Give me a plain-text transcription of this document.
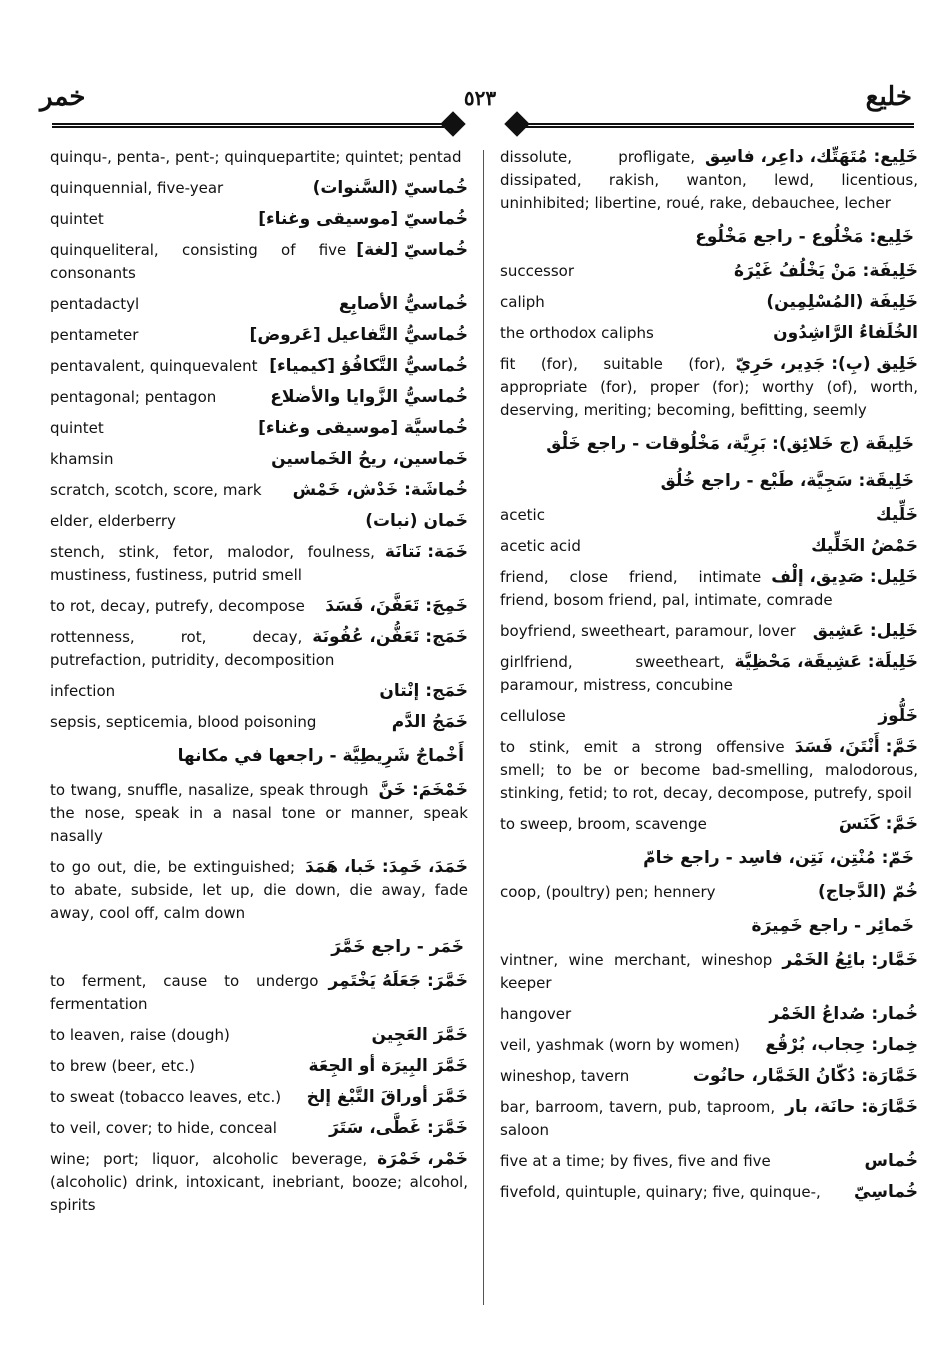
خمر	٥٢٣	خليع
quinqu-, penta-, pent-; quinquepartite; quintet; pentad
خُماسيّ (السَّنوات)
quinquennial, five-year
خُماسيّ [موسيقى وغناء]
quintet
خُماسيّ [لغة]
quinqueliteral, consisting of five consonants
خُماسيُّ الأصابِع
pentadactyl
خُماسيُّ التَّفاعيل [عَروض]
pentameter
خُماسيُّ التَّكافُؤ [كيمياء]
pentavalent, quinquevalent
خُماسيُّ الزَّوايا والأضلاع
pentagonal; pentagon
خُماسيَّة [موسيقى وغناء]
quintet
خَماسين، ريحُ الخَماسين
khamsin
خُماشَة: خَدْش، خَمْش
scratch, scotch, score, mark
خَمان (نبات)
elder, elderberry
خَمَة: نَتانَة
stench, stink, fetor, malodor, foulness, mustiness, fustiness, putrid smell
خَمِجَ: تَعَفَّنَ، فَسَدَ
to rot, decay, putrefy, decompose
خَمَج: تَعَفُّن، عُفُونَة
rottenness, rot, decay, putrefaction, putridity, decomposition
خَمَج: إنْتان
infection
خَمَجُ الدَّم
sepsis, septicemia, blood poisoning
أَخْماجٌ شَرِيطِيَّة - راجعها في مكانها
خَمْخَمَ: خَنَّ
to twang, snuffle, nasalize, speak through the nose, speak in a nasal tone or manner, speak nasally
خَمَدَ، خَمِدَ: خَبا، هَمَدَ
to go out, die, be extinguished; to abate, subside, let up, die down, die away, fade away, cool off, calm down
خَمَر - راجع خَمَّرَ
خَمَّرَ: جَعَلَهُ يَخْتَمِر
to ferment, cause to undergo fermentation
خَمَّرَ العَجِين
to leaven, raise (dough)
خَمَّرَ البِيرَة أو الجِعَة
to brew (beer, etc.)
خَمَّرَ أوراقَ التَّبْغ إلخ
to sweat (tobacco leaves, etc.)
خَمَّرَ: غَطَّى، سَتَرَ
to veil, cover; to hide, conceal
خَمْر، خَمْرَة
wine; port; liquor, alcoholic beverage, (alcoholic) drink, intoxicant, inebriant, booze; alcohol, spirits
خَلِيع: مُتَهَتِّك، داعِر، فاسِق
dissolute, profligate, dissipated, rakish, wanton, lewd, licentious, uninhibited; libertine, roué, rake, debauchee, lecher
خَلِيع: مَخْلُوع - راجع مَخْلُوع
خَلِيفَة: مَنْ يَخْلُفُ غَيْرَهُ
successor
خَلِيفَة (المُسْلِمِين)
caliph
الخُلَفاءُ الرَّاشِدُون
the orthodox caliphs
خَلِيق (بِ): جَدِير، حَرِيّ
fit (for), suitable (for), appropriate (for), proper (for); worthy (of), worth, deserving, meriting; becoming, befitting, seemly
خَلِيقَة (ج خَلائِق): بَرِيَّة، مَخْلُوقات - راجع خَلْق
خَلِيقَة: سَجِيَّة، طَبْع - راجع خُلُق
خَلِّيك
acetic
حَمْضُ الخَلِّيك
acetic acid
خَلِيل: صَدِيق، إلْف
friend, close friend, intimate friend, bosom friend, pal, intimate, comrade
خَلِيل: عَشِيق
boyfriend, sweetheart, paramour, lover
خَلِيلَة: عَشِيقَة، مَحْظِيَّة
girlfriend, sweetheart, paramour, mistress, concubine
خَلُّوز
cellulose
خَمَّ: أَنْتَنَ، فَسَدَ
to stink, emit a strong offensive smell; to be or become bad-smelling, malodorous, stinking, fetid; to rot, decay, decompose, putrefy, spoil
خَمَّ: كَنَسَ
to sweep, broom, scavenge
خَمّ: مُنْتِن، نَتِن، فاسِد - راجع خامّ
خُمّ (الدَّجاج)
coop, (poultry) pen; hennery
خَمائِر - راجع خَمِيرَة
خَمَّار: بائِعُ الخَمْر
vintner, wine merchant, wineshop keeper
خُمار: صُداعُ الخَمْر
hangover
خِمار: حِجاب، بُرْقُع
veil, yashmak (worn by women)
خَمَّارَة: دُكّانُ الخَمَّار، حانُوت
wineshop, tavern
خَمَّارَة: حانَة، بار
bar, barroom, tavern, pub, taproom, saloon
خُماس
five at a time; by fives, five and five
خُماسِيّ
fivefold, quintuple, quinary; five, quinque-,
